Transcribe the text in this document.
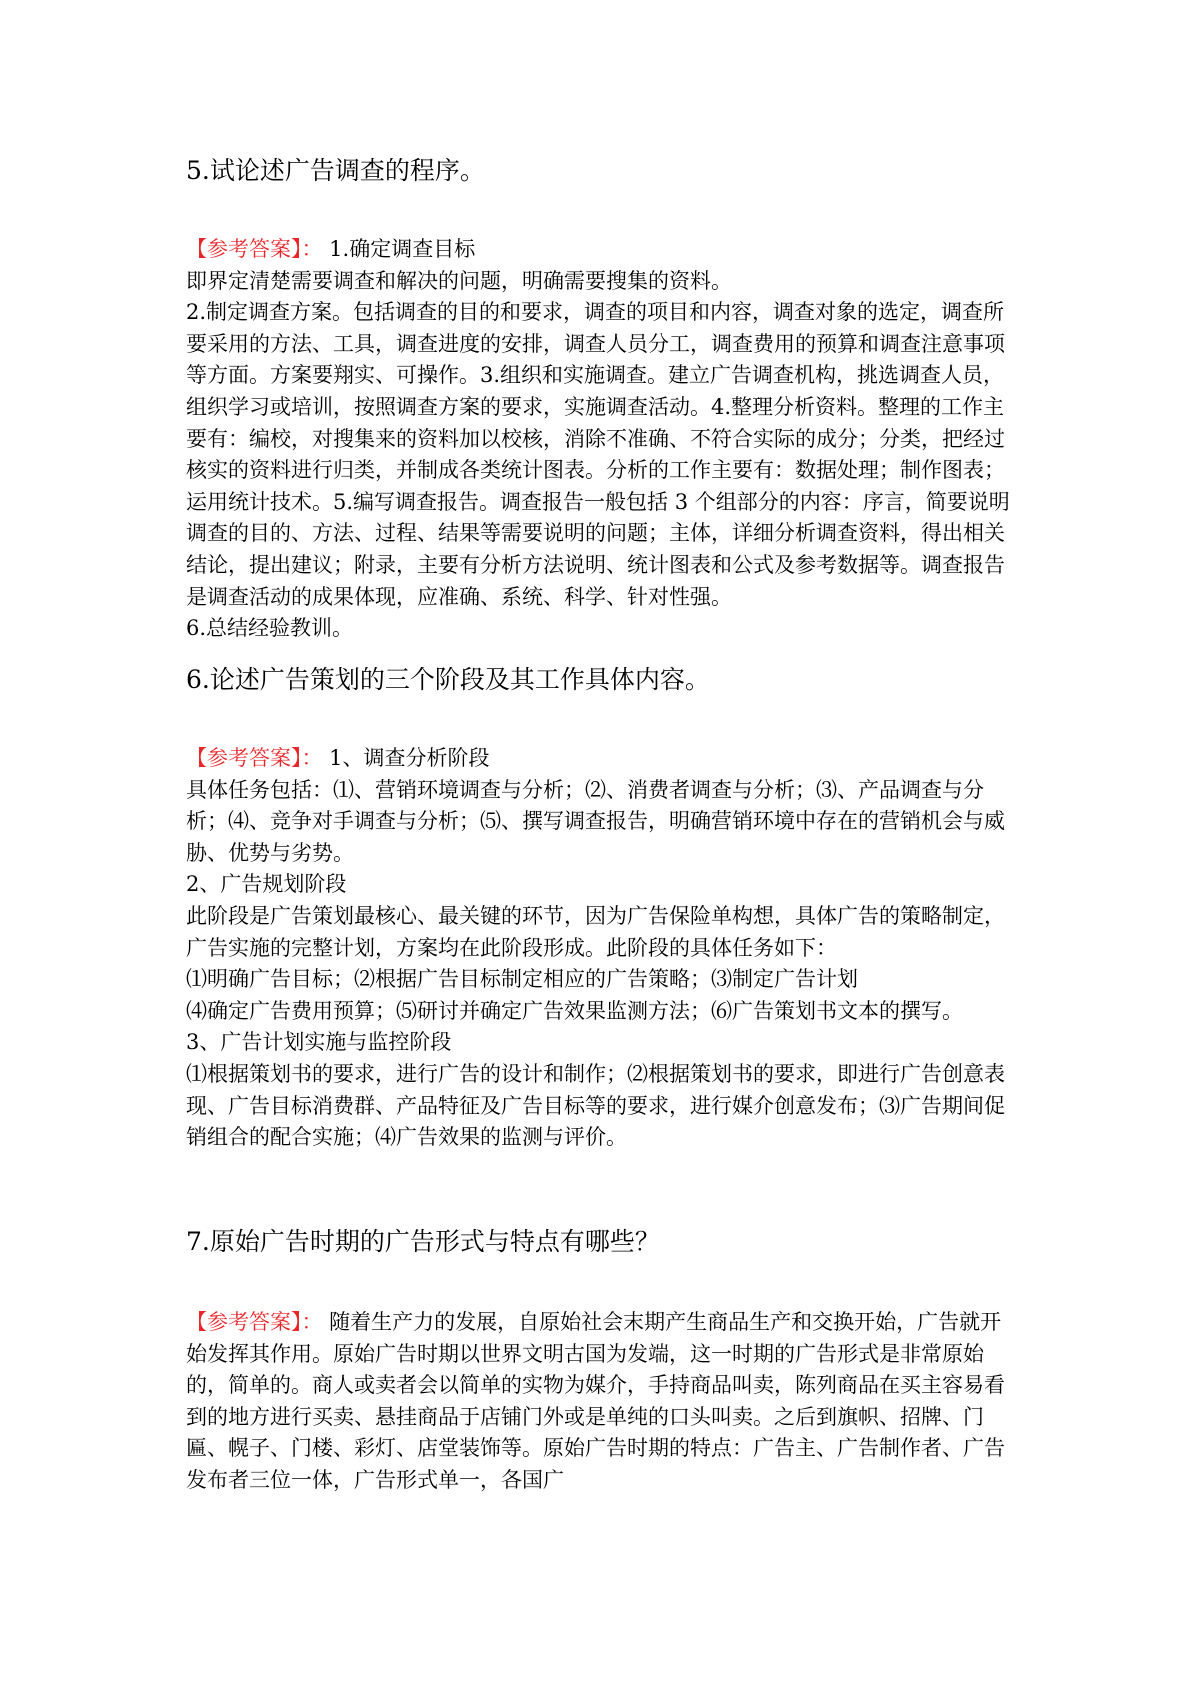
5.试论述广告调查的程序。

【参考答案】： 1.确定调查目标

即界定清楚需要调查和解决的问题，明确需要搜集的资料。

2.制定调查方案。包括调查的目的和要求，调查的项目和内容，调查对象的选定，调查所要采用的方法、工具，调查进度的安排，调查人员分工，调查费用的预算和调查注意事项等方面。方案要翔实、可操作。3.组织和实施调查。建立广告调查机构，挑选调查人员，组织学习或培训，按照调查方案的要求，实施调查活动。4.整理分析资料。整理的工作主要有：编校，对搜集来的资料加以校核，消除不准确、不符合实际的成分；分类，把经过核实的资料进行归类，并制成各类统计图表。分析的工作主要有：数据处理；制作图表；运用统计技术。5.编写调查报告。调查报告一般包括 3 个组部分的内容：序言，简要说明调查的目的、方法、过程、结果等需要说明的问题；主体，详细分析调查资料，得出相关结论，提出建议；附录，主要有分析方法说明、统计图表和公式及参考数据等。调查报告是调查活动的成果体现，应准确、系统、科学、针对性强。

6.总结经验教训。

6.论述广告策划的三个阶段及其工作具体内容。

【参考答案】： 1、调查分析阶段

具体任务包括：⑴、营销环境调查与分析；⑵、消费者调查与分析；⑶、产品调查与分析；⑷、竞争对手调查与分析；⑸、撰写调查报告，明确营销环境中存在的营销机会与威胁、优势与劣势。

2、广告规划阶段

此阶段是广告策划最核心、最关键的环节，因为广告保险单构想，具体广告的策略制定，广告实施的完整计划，方案均在此阶段形成。此阶段的具体任务如下：

⑴明确广告目标；⑵根据广告目标制定相应的广告策略；⑶制定广告计划

⑷确定广告费用预算；⑸研讨并确定广告效果监测方法；⑹广告策划书文本的撰写。

3、广告计划实施与监控阶段

⑴根据策划书的要求，进行广告的设计和制作；⑵根据策划书的要求，即进行广告创意表现、广告目标消费群、产品特征及广告目标等的要求，进行媒介创意发布；⑶广告期间促销组合的配合实施；⑷广告效果的监测与评价。

7.原始广告时期的广告形式与特点有哪些？

【参考答案】： 随着生产力的发展，自原始社会末期产生商品生产和交换开始，广告就开始发挥其作用。原始广告时期以世界文明古国为发端，这一时期的广告形式是非常原始的，简单的。商人或卖者会以简单的实物为媒介，手持商品叫卖，陈列商品在买主容易看到的地方进行买卖、悬挂商品于店铺门外或是单纯的口头叫卖。之后到旗帜、招牌、门匾、幌子、门楼、彩灯、店堂装饰等。原始广告时期的特点：广告主、广告制作者、广告发布者三位一体，广告形式单一，各国广
